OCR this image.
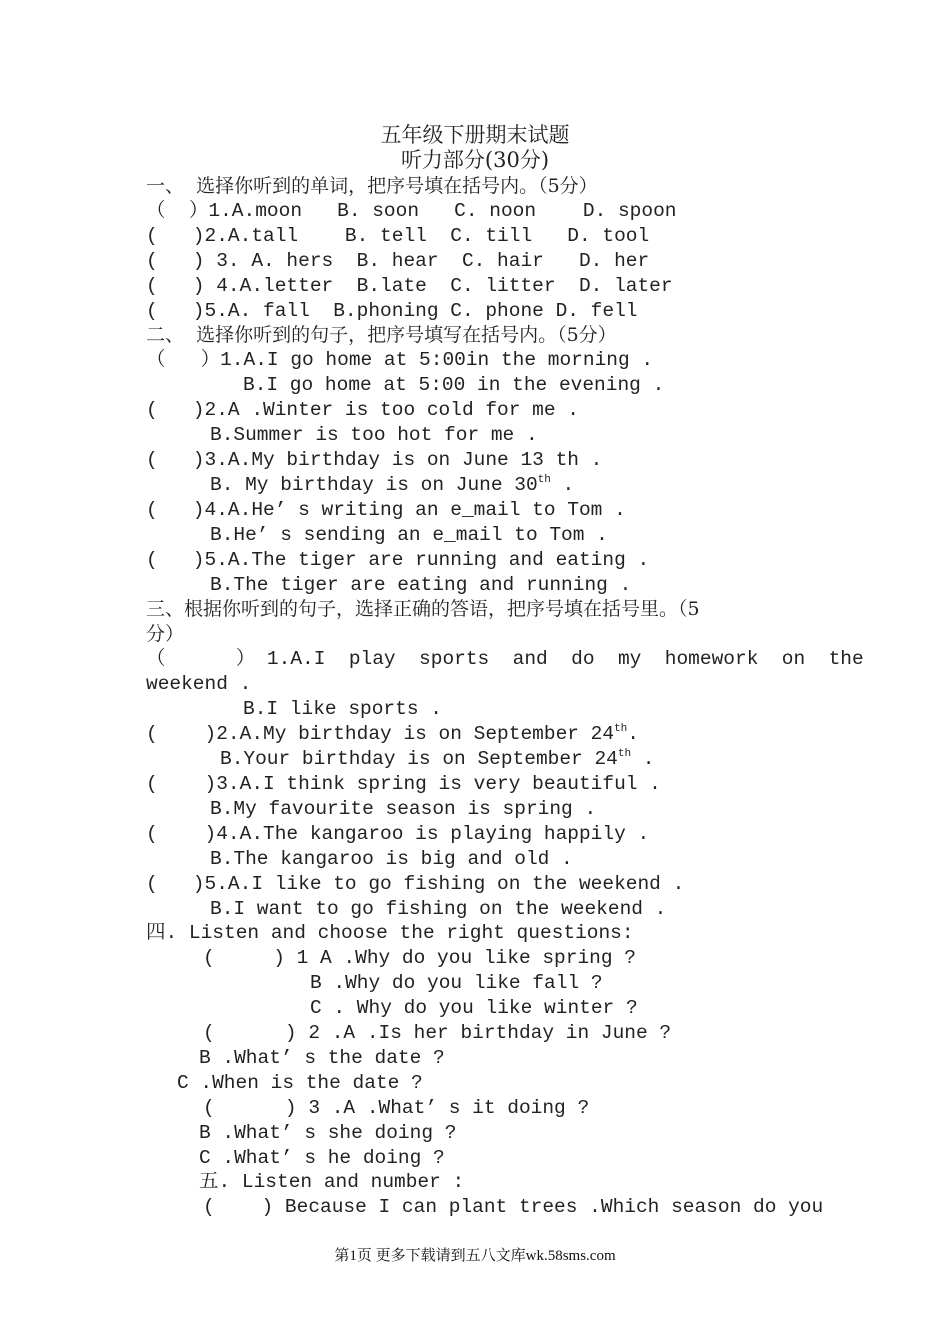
五年级下册期末试题
听力部分(30分)
一、  选择你听到的单词，把序号填在括号内。（5分）
（  ）1.A.moon   B. soon   C. noon    D. spoon
(   )2.A.tall    B. tell  C. till   D. tool
(   ) 3. A. hers  B. hear  C. hair   D. her
(   ) 4.A.letter  B.late  C. litter  D. later
(   )5.A. fall  B.phoning C. phone D. fell
二、  选择你听到的句子，把序号填写在括号内。（5分）
（   ）1.A.I go home at 5:00in the morning .
B.I go home at 5:00 in the evening .
(   )2.A .Winter is too cold for me .
B.Summer is too hot for me .
(   )3.A.My birthday is on June 13 th .
B. My birthday is on June 30th .
(   )4.A.He’ s writing an e_mail to Tom .
B.He’ s sending an e_mail to Tom .
(   )5.A.The tiger are running and eating .
B.The tiger are eating and running .
三、根据你听到的句子，选择正确的答语，把序号填在括号里。（5
分）
（      ） 1.A.I  play  sports  and  do  my  homework  on  the
weekend .
B.I like sports .
(    )2.A.My birthday is on September 24th.
B.Your birthday is on September 24th .
(    )3.A.I think spring is very beautiful .
B.My favourite season is spring .
(    )4.A.The kangaroo is playing happily .
B.The kangaroo is big and old .
(   )5.A.I like to go fishing on the weekend .
B.I want to go fishing on the weekend .
四. Listen and choose the right questions:
(     ) 1 A .Why do you like spring ?
B .Why do you like fall ?
C . Why do you like winter ?
(      ) 2 .A .Is her birthday in June ?
B .What’ s the date ?
C .When is the date ?
(      ) 3 .A .What’ s it doing ?
B .What’ s she doing ?
C .What’ s he doing ?
五. Listen and number :
(    ) Because I can plant trees .Which season do you
第1页 更多下载请到五八文库wk.58sms.com
